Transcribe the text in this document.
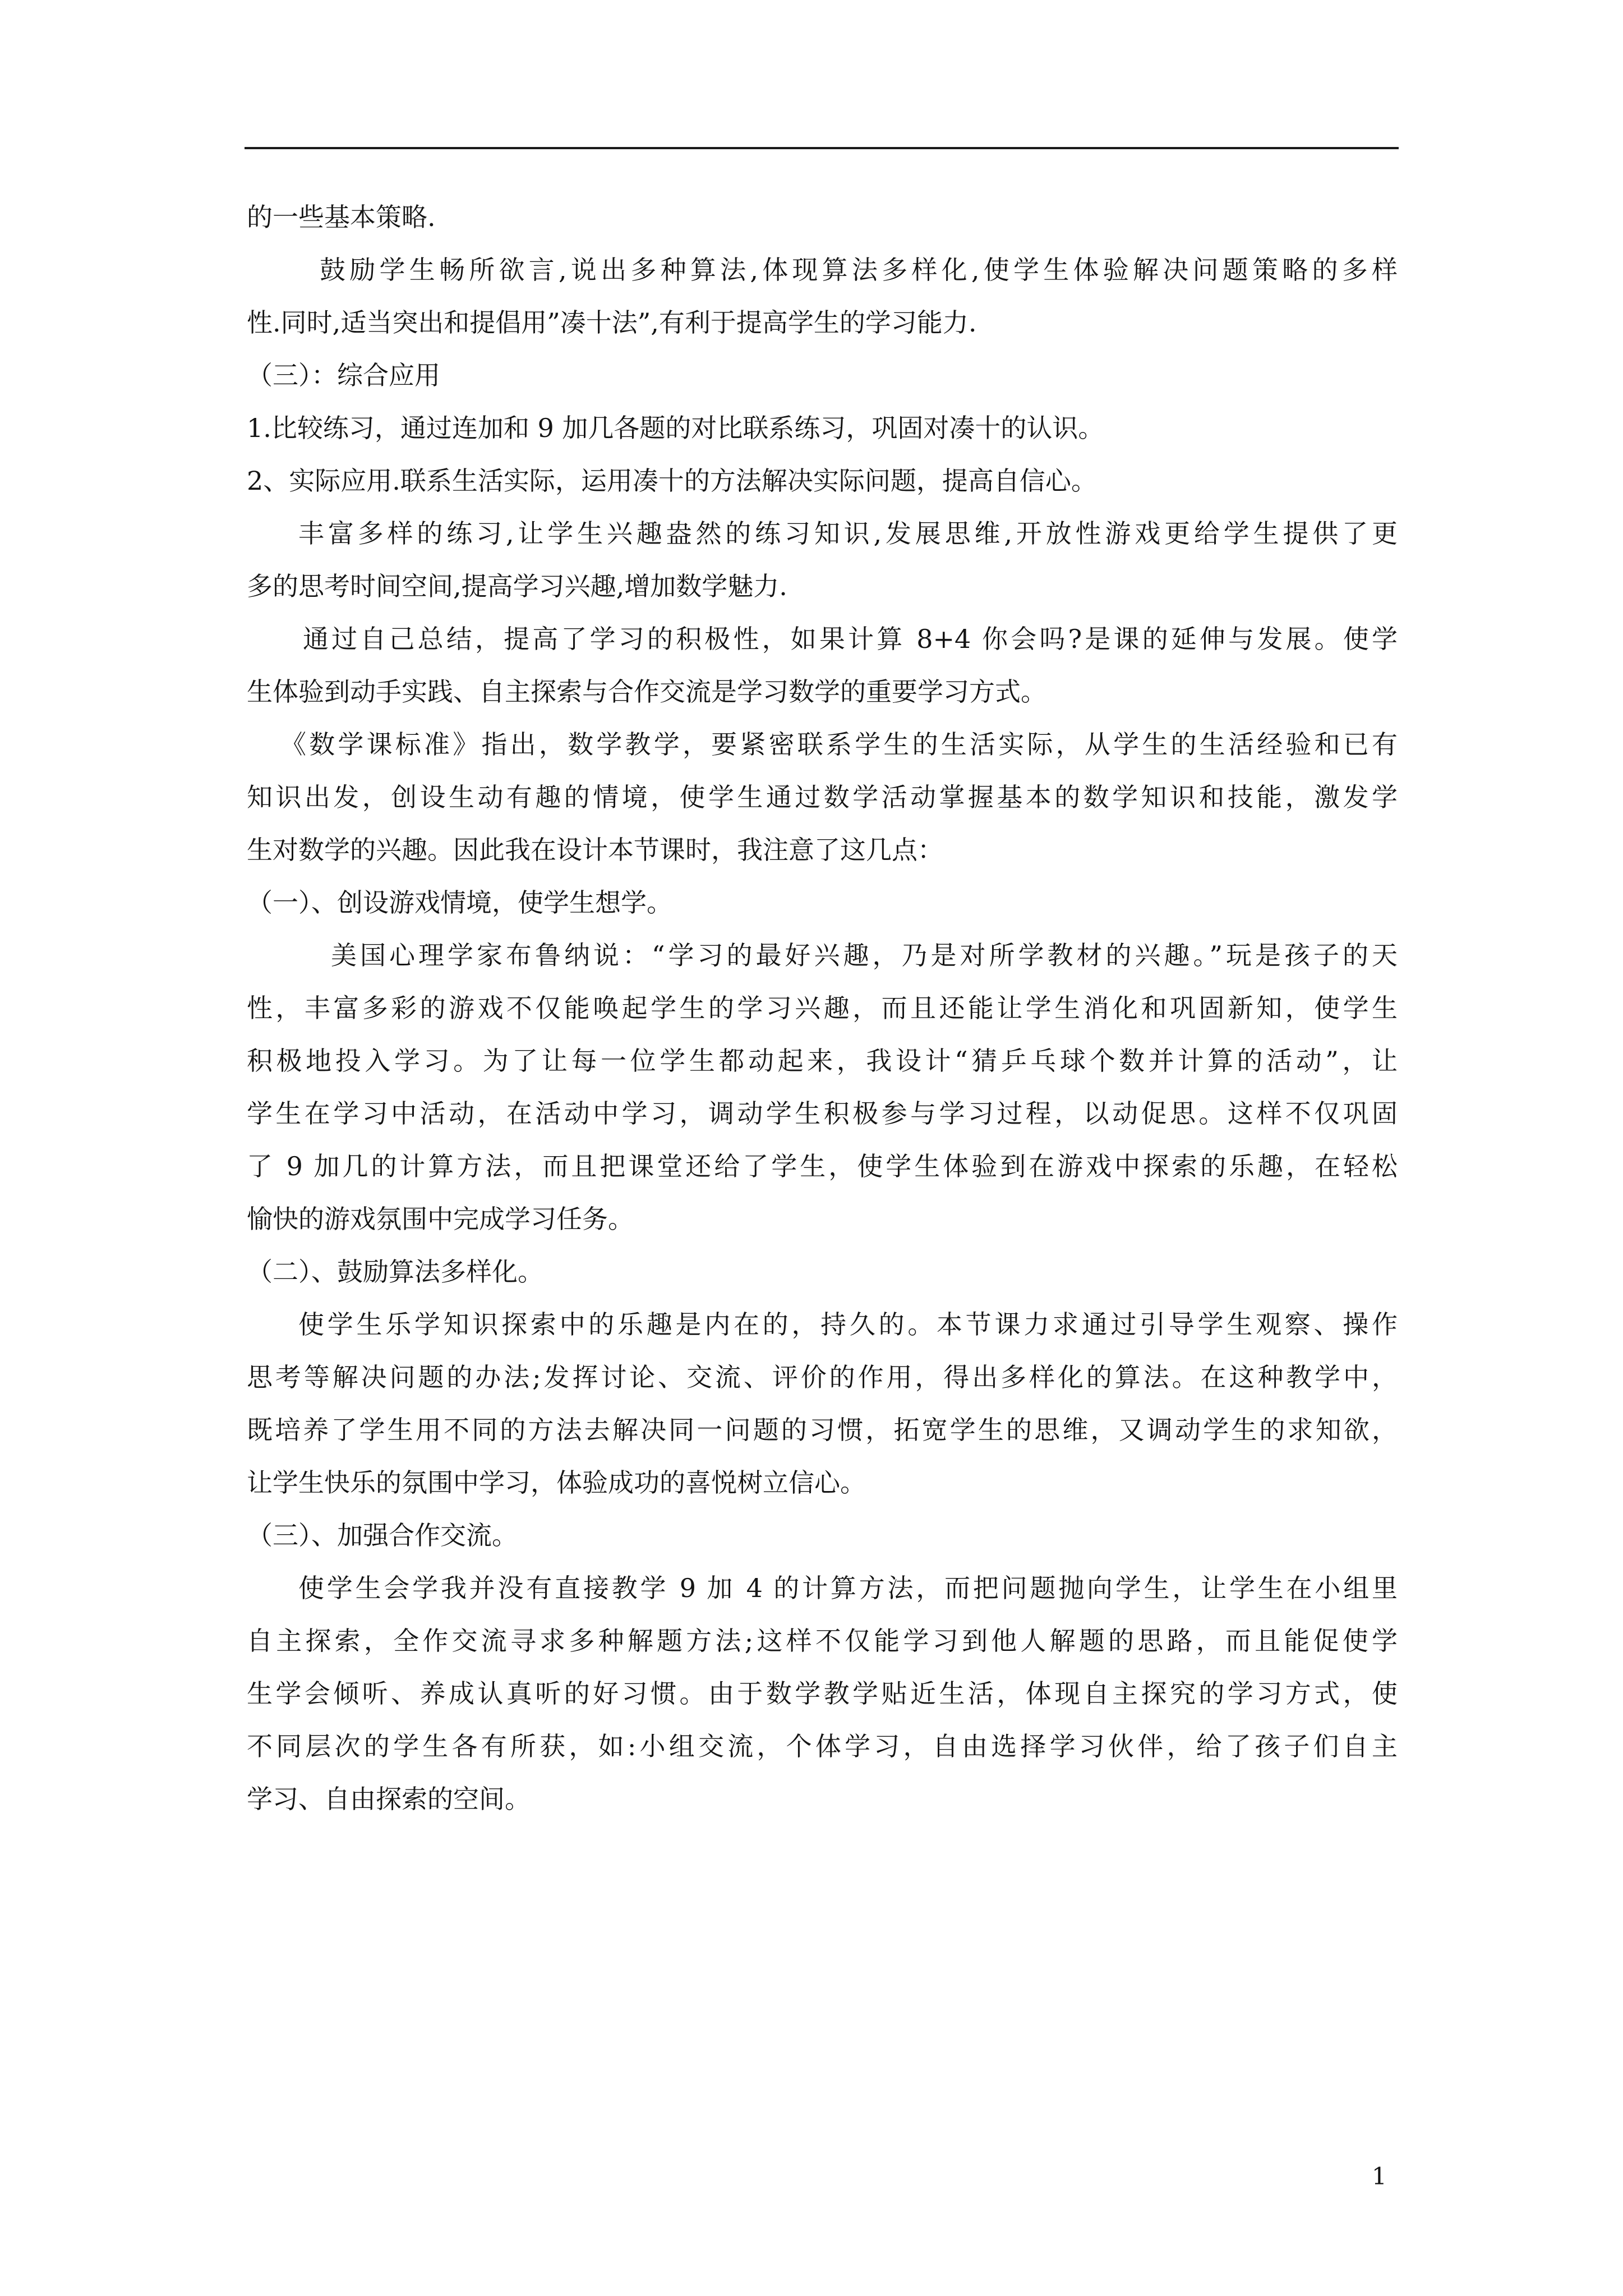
的一些基本策略.
鼓励学生畅所欲言,说出多种算法,体现算法多样化,使学生体验解决问题策略的多样
性.同时,适当突出和提倡用”凑十法”,有利于提高学生的学习能力.
（三）：综合应用
1.比较练习，通过连加和 9 加几各题的对比联系练习，巩固对凑十的认识。
2、实际应用.联系生活实际，运用凑十的方法解决实际问题，提高自信心。
丰富多样的练习,让学生兴趣盎然的练习知识,发展思维,开放性游戏更给学生提供了更
多的思考时间空间,提高学习兴趣,增加数学魅力.
通过自己总结，提高了学习的积极性，如果计算 8+4 你会吗?是课的延伸与发展。使学
生体验到动手实践、自主探索与合作交流是学习数学的重要学习方式。
《数学课标准》指出，数学教学，要紧密联系学生的生活实际，从学生的生活经验和已有
知识出发，创设生动有趣的情境，使学生通过数学活动掌握基本的数学知识和技能，激发学
生对数学的兴趣。因此我在设计本节课时，我注意了这几点：
（一）、创设游戏情境，使学生想学。
美国心理学家布鲁纳说：“学习的最好兴趣，乃是对所学教材的兴趣。”玩是孩子的天
性，丰富多彩的游戏不仅能唤起学生的学习兴趣，而且还能让学生消化和巩固新知，使学生
积极地投入学习。为了让每一位学生都动起来，我设计“猜乒乓球个数并计算的活动”，让
学生在学习中活动，在活动中学习，调动学生积极参与学习过程，以动促思。这样不仅巩固
了 9 加几的计算方法，而且把课堂还给了学生，使学生体验到在游戏中探索的乐趣，在轻松
愉快的游戏氛围中完成学习任务。
（二）、鼓励算法多样化。
使学生乐学知识探索中的乐趣是内在的，持久的。本节课力求通过引导学生观察、操作
思考等解决问题的办法;发挥讨论、交流、评价的作用，得出多样化的算法。在这种教学中，
既培养了学生用不同的方法去解决同一问题的习惯，拓宽学生的思维，又调动学生的求知欲，
让学生快乐的氛围中学习，体验成功的喜悦树立信心。
（三）、加强合作交流。
使学生会学我并没有直接教学 9 加 4 的计算方法，而把问题抛向学生，让学生在小组里
自主探索，全作交流寻求多种解题方法;这样不仅能学习到他人解题的思路，而且能促使学
生学会倾听、养成认真听的好习惯。由于数学教学贴近生活，体现自主探究的学习方式，使
不同层次的学生各有所获，如:小组交流，个体学习，自由选择学习伙伴，给了孩子们自主
学习、自由探索的空间。
1
